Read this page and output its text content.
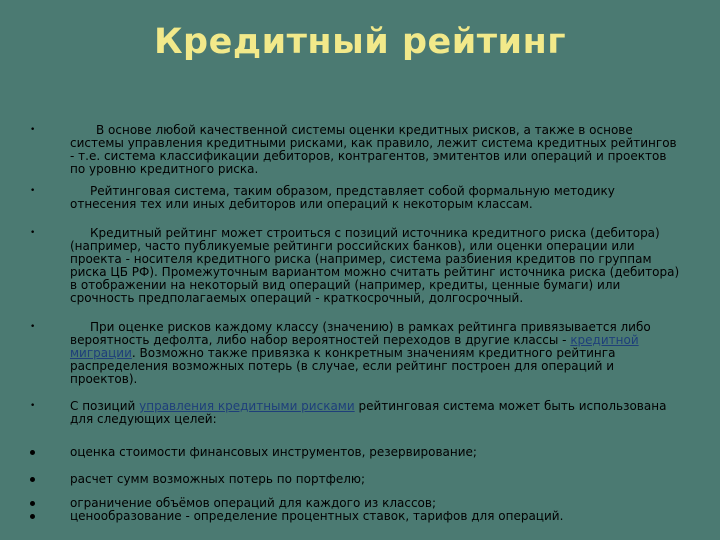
Кредитный рейтинг
•	В основе любой качественной системы оценки кредитных рисков, а также в основе системы управления кредитными рисками, как правило, лежит система кредитных рейтингов - т.е. система классификации дебиторов, контрагентов, эмитентов или операций и проектов по уровню кредитного риска.
•	Рейтинговая система, таким образом, представляет собой формальную методику отнесения тех или иных дебиторов или операций к некоторым классам.
•	Кредитный рейтинг может строиться с позиций источника кредитного риска (дебитора) (например, часто публикуемые рейтинги российских банков), или оценки операции или проекта - носителя кредитного риска (например, система разбиения кредитов по группам риска ЦБ РФ). Промежуточным вариантом можно считать рейтинг источника риска (дебитора) в отображении на некоторый вид операций (например, кредиты, ценные бумаги) или срочность предполагаемых операций - краткосрочный, долгосрочный.
•	При оценке рисков каждому классу (значению) в рамках рейтинга привязывается либо вероятность дефолта, либо набор вероятностей переходов в другие классы - кредитной миграции. Возможно также привязка к конкретным значениям кредитного рейтинга распределения возможных потерь (в случае, если рейтинг построен для операций и проектов).
•	С позиций управления кредитными рисками рейтинговая система может быть использована для следующих целей:
оценка стоимости финансовых инструментов, резервирование;
расчет сумм возможных потерь по портфелю;
ограничение объёмов операций для каждого из классов;
ценообразование - определение процентных ставок, тарифов для операций.
